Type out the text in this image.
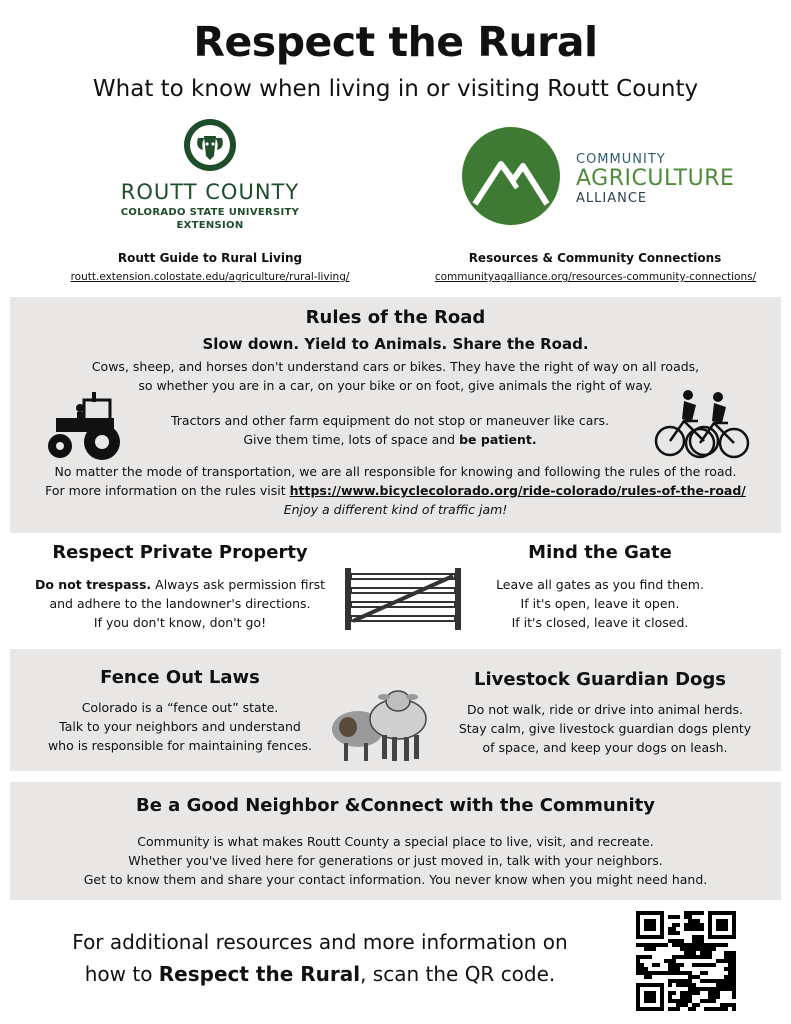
Respect the Rural
What to know when living in or visiting Routt County
ROUTT COUNTY
COLORADO STATE UNIVERSITY
EXTENSION
COMMUNITY
AGRICULTURE
ALLIANCE
Routt Guide to Rural Living
routt.extension.colostate.edu/agriculture/rural-living/
Resources & Community Connections
communityagalliance.org/resources-community-connections/
Rules of the Road
Slow down. Yield to Animals. Share the Road.
Cows, sheep, and horses don't understand cars or bikes. They have the right of way on all roads,
so whether you are in a car, on your bike or on foot, give animals the right of way.
Tractors and other farm equipment do not stop or maneuver like cars.
Give them time, lots of space and be patient.
No matter the mode of transportation, we are all responsible for knowing and following the rules of the road.
For more information on the rules visit https://www.bicyclecolorado.org/ride-colorado/rules-of-the-road/
Enjoy a different kind of traffic jam!
Respect Private Property
Do not trespass. Always ask permission first
and adhere to the landowner's directions.
If you don't know, don't go!
Mind the Gate
Leave all gates as you find them.
If it's open, leave it open.
If it's closed, leave it closed.
Fence Out Laws
Colorado is a “fence out” state.
Talk to your neighbors and understand
who is responsible for maintaining fences.
Livestock Guardian Dogs
Do not walk, ride or drive into animal herds.
Stay calm, give livestock guardian dogs plenty
of space, and keep your dogs on leash.
Be a Good Neighbor &Connect with the Community
Community is what makes Routt County a special place to live, visit, and recreate.
Whether you've lived here for generations or just moved in, talk with your neighbors.
Get to know them and share your contact information. You never know when you might need hand.
For additional resources and more information on
how to Respect the Rural, scan the QR code.
